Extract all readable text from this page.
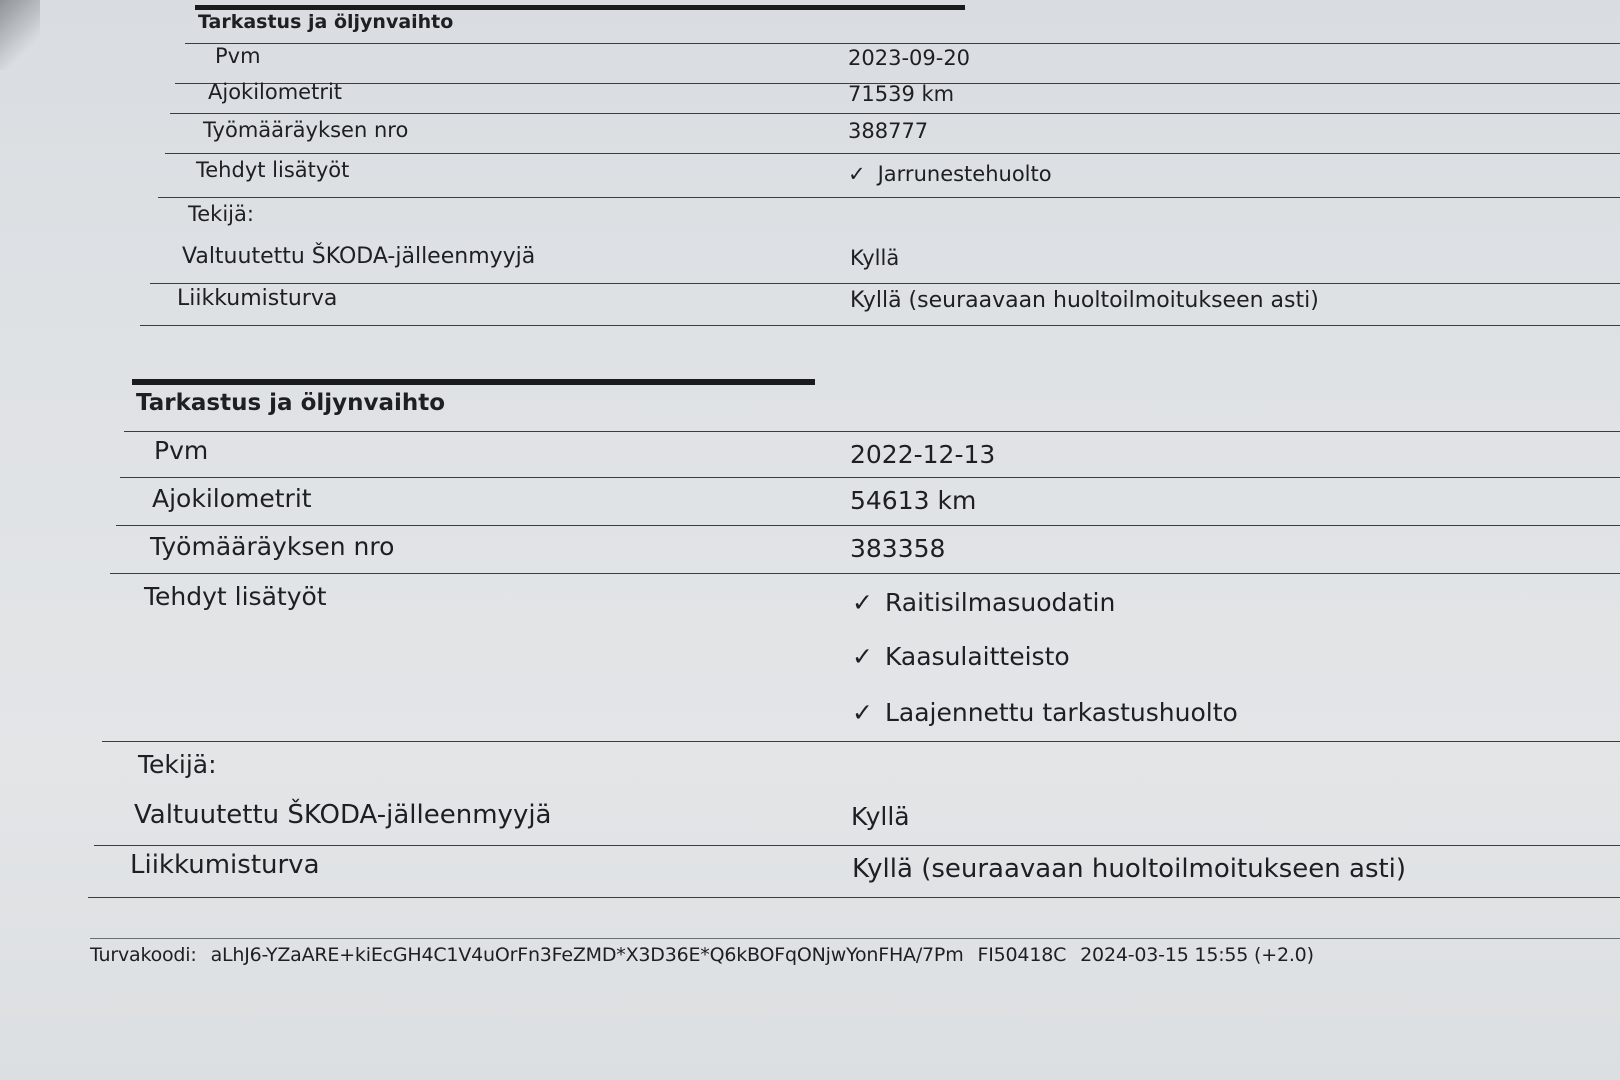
Tarkastus ja öljynvaihto
Pvm	2023-09-20
Ajokilometrit	71539 km
Työmääräyksen nro	388777
Tehdyt lisätyöt	✓ Jarrunestehuolto
Tekijä:
Valtuutettu ŠKODA-jälleenmyyjä	Kyllä
Liikkumisturva	Kyllä (seuraavaan huoltoilmoitukseen asti)
Tarkastus ja öljynvaihto
Pvm	2022-12-13
Ajokilometrit	54613 km
Työmääräyksen nro	383358
Tehdyt lisätyöt	✓ Raitisilmasuodatin
✓ Kaasulaitteisto
✓ Laajennettu tarkastushuolto
Tekijä:
Valtuutettu ŠKODA-jälleenmyyjä	Kyllä
Liikkumisturva	Kyllä (seuraavaan huoltoilmoitukseen asti)
Turvakoodi: aLhJ6-YZaARE+kiEcGH4C1V4uOrFn3FeZMD*X3D36E*Q6kBOFqONjwYonFHA/7Pm FI50418C 2024-03-15 15:55 (+2.0)
